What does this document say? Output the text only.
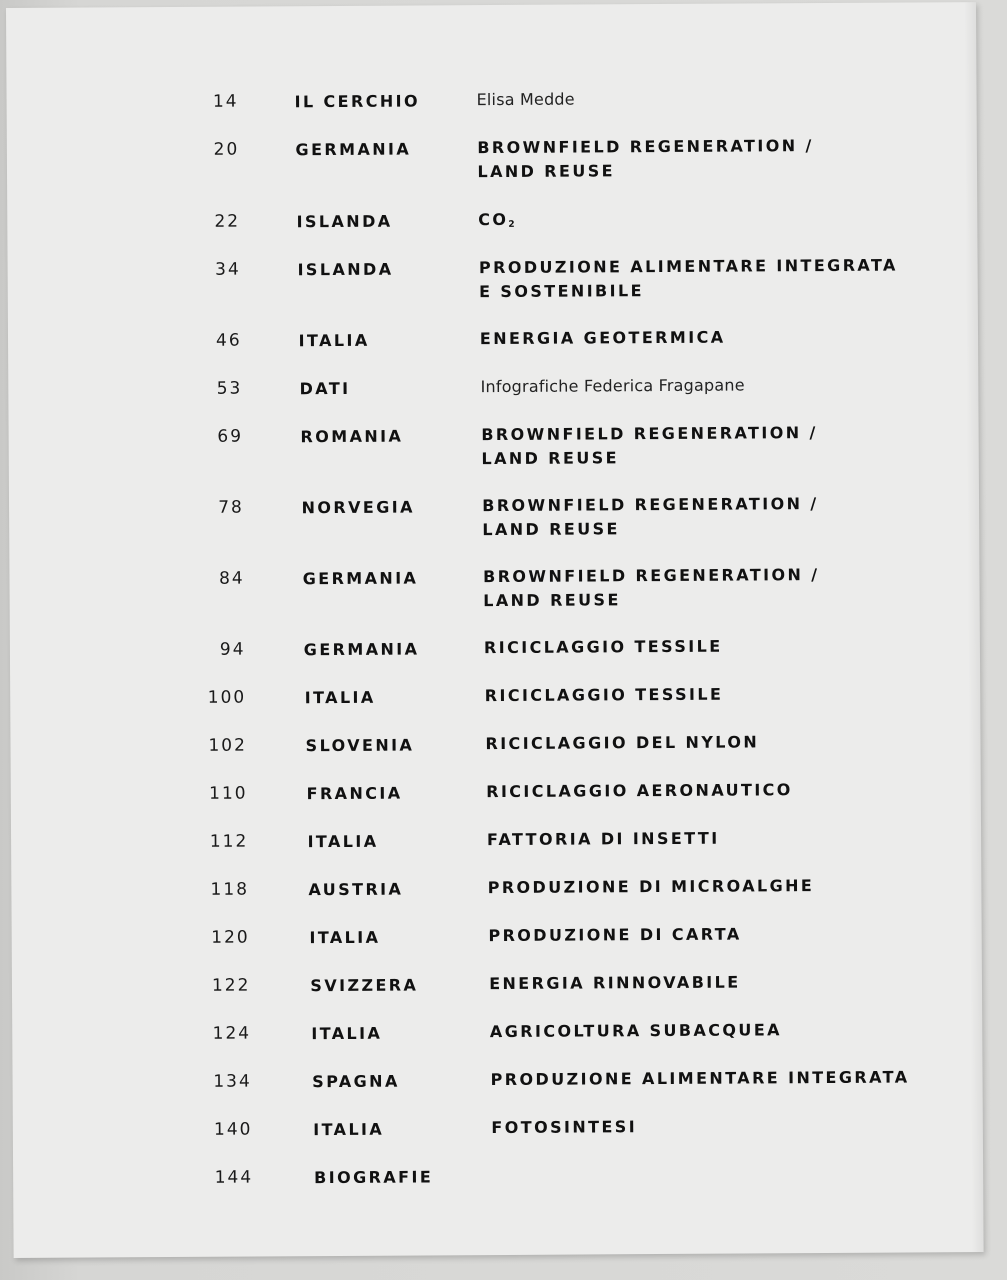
14	IL CERCHIO	Elisa Medde
20	GERMANIA	BROWNFIELD REGENERATION /
LAND REUSE
22	ISLANDA	$CO_2$
34	ISLANDA	PRODUZIONE ALIMENTARE INTEGRATA
E SOSTENIBILE
46	ITALIA	ENERGIA GEOTERMICA
53	DATI	Infografiche Federica Fragapane
69	ROMANIA	BROWNFIELD REGENERATION /
LAND REUSE
78	NORVEGIA	BROWNFIELD REGENERATION /
LAND REUSE
84	GERMANIA	BROWNFIELD REGENERATION /
LAND REUSE
94	GERMANIA	RICICLAGGIO TESSILE
100	ITALIA	RICICLAGGIO TESSILE
102	SLOVENIA	RICICLAGGIO DEL NYLON
110	FRANCIA	RICICLAGGIO AERONAUTICO
112	ITALIA	FATTORIA DI INSETTI
118	AUSTRIA	PRODUZIONE DI MICROALGHE
120	ITALIA	PRODUZIONE DI CARTA
122	SVIZZERA	ENERGIA RINNOVABILE
124	ITALIA	AGRICOLTURA SUBACQUEA
134	SPAGNA	PRODUZIONE ALIMENTARE INTEGRATA
140	ITALIA	FOTOSINTESI
144	BIOGRAFIE
